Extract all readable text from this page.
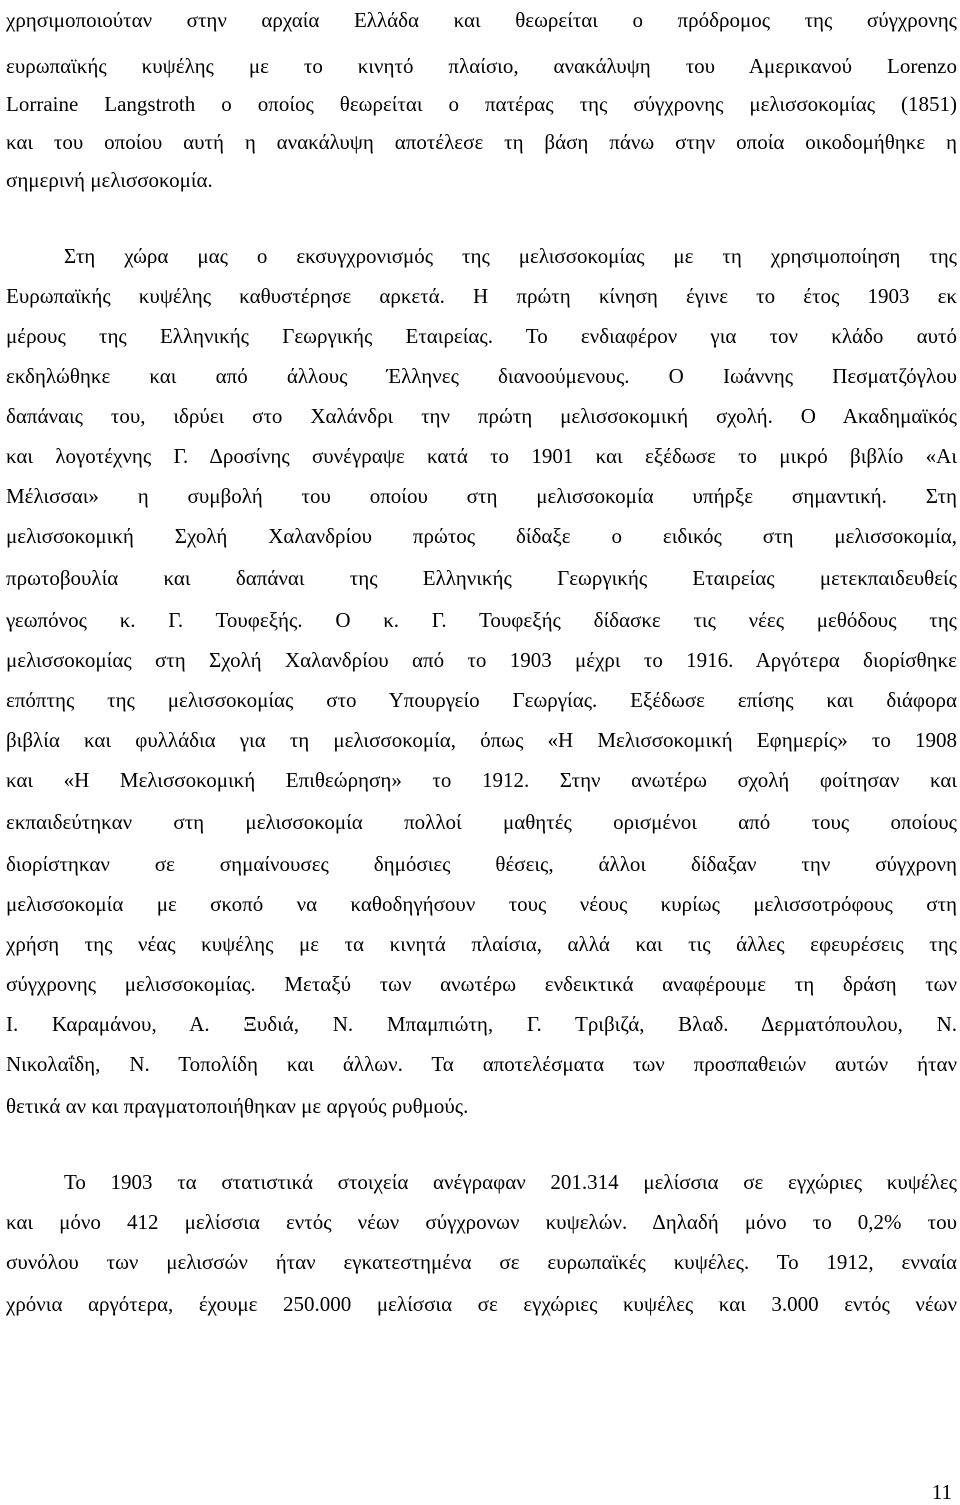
χρησιμοποιούταν στην αρχαία Ελλάδα και θεωρείται ο πρόδρομος της σύγχρονης
ευρωπαϊκής κυψέλης με το κινητό πλαίσιο, ανακάλυψη του Αμερικανού Lorenzo
Lorraine Langstroth ο οποίος θεωρείται ο πατέρας της σύγχρονης μελισσοκομίας (1851)
και του οποίου αυτή η ανακάλυψη αποτέλεσε τη βάση πάνω στην οποία οικοδομήθηκε η
σημερινή μελισσοκομία.
Στη χώρα μας ο εκσυγχρονισμός της μελισσοκομίας με τη χρησιμοποίηση της
Ευρωπαϊκής κυψέλης καθυστέρησε αρκετά. Η πρώτη κίνηση έγινε το έτος 1903 εκ
μέρους της Ελληνικής Γεωργικής Εταιρείας. Το ενδιαφέρον για τον κλάδο αυτό
εκδηλώθηκε και από άλλους Έλληνες διανοούμενους. Ο Ιωάννης Πεσματζόγλου
δαπάναις του, ιδρύει στο Χαλάνδρι την πρώτη μελισσοκομική σχολή. Ο Ακαδημαϊκός
και λογοτέχνης Γ. Δροσίνης συνέγραψε κατά το 1901 και εξέδωσε το μικρό βιβλίο «Αι
Μέλισσαι» η συμβολή του οποίου στη μελισσοκομία υπήρξε σημαντική. Στη
μελισσοκομική Σχολή Χαλανδρίου πρώτος δίδαξε ο ειδικός στη μελισσοκομία,
πρωτοβουλία και δαπάναι της Ελληνικής Γεωργικής Εταιρείας μετεκπαιδευθείς
γεωπόνος κ. Γ. Τουφεξής. Ο κ. Γ. Τουφεξής δίδασκε τις νέες μεθόδους της
μελισσοκομίας στη Σχολή Χαλανδρίου από το 1903 μέχρι το 1916. Αργότερα διορίσθηκε
επόπτης της μελισσοκομίας στο Υπουργείο Γεωργίας. Εξέδωσε επίσης και διάφορα
βιβλία και φυλλάδια για τη μελισσοκομία, όπως «Η Μελισσοκομική Εφημερίς» το 1908
και «Η Μελισσοκομική Επιθεώρηση» το 1912. Στην ανωτέρω σχολή φοίτησαν και
εκπαιδεύτηκαν στη μελισσοκομία πολλοί μαθητές ορισμένοι από τους οποίους
διορίστηκαν σε σημαίνουσες δημόσιες θέσεις, άλλοι δίδαξαν την σύγχρονη
μελισσοκομία με σκοπό να καθοδηγήσουν τους νέους κυρίως μελισσοτρόφους στη
χρήση της νέας κυψέλης με τα κινητά πλαίσια, αλλά και τις άλλες εφευρέσεις της
σύγχρονης μελισσοκομίας. Μεταξύ των ανωτέρω ενδεικτικά αναφέρουμε τη δράση των
Ι. Καραμάνου, Α. Ξυδιά, Ν. Μπαμπιώτη, Γ. Τριβιζά, Βλαδ. Δερματόπουλου, Ν.
Νικολαΐδη, Ν. Τοπολίδη και άλλων. Τα αποτελέσματα των προσπαθειών αυτών ήταν
θετικά αν και πραγματοποιήθηκαν με αργούς ρυθμούς.
Το 1903 τα στατιστικά στοιχεία ανέγραφαν 201.314 μελίσσια σε εγχώριες κυψέλες
και μόνο 412 μελίσσια εντός νέων σύγχρονων κυψελών. Δηλαδή μόνο το 0,2% του
συνόλου των μελισσών ήταν εγκατεστημένα σε ευρωπαϊκές κυψέλες. Το 1912, ενναία
χρόνια αργότερα, έχουμε 250.000 μελίσσια σε εγχώριες κυψέλες και 3.000 εντός νέων
11
